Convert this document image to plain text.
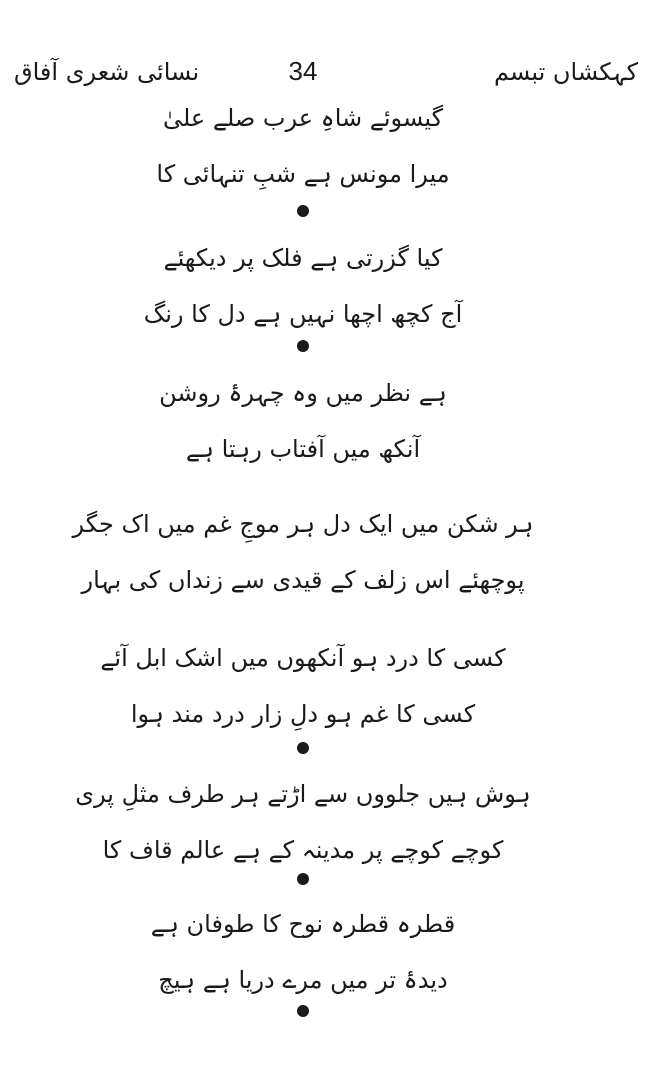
نسائی شعری آفاق	34	کہکشاں تبسم
گیسوئے شاہِ عرب صلے علیٰ
میرا مونس ہے شبِ تنہائی کا
کیا گزرتی ہے فلک پر دیکھئے
آج کچھ اچھا نہیں ہے دل کا رنگ
ہے نظر میں وہ چہرۂ روشن
آنکھ میں آفتاب رہتا ہے
ہر شکن میں ایک دل ہر موجِ غم میں اک جگر
پوچھئے اس زلف کے قیدی سے زنداں کی بہار
کسی کا درد ہو آنکھوں میں اشک ابل آئے
کسی کا غم ہو دلِ زار درد مند ہوا
ہوش ہیں جلووں سے اڑتے ہر طرف مثلِ پری
کوچے کوچے پر مدینہ کے ہے عالم قاف کا
قطرہ قطرہ نوح کا طوفان ہے
دیدۂ تر میں مرے دریا ہے ہیچ
